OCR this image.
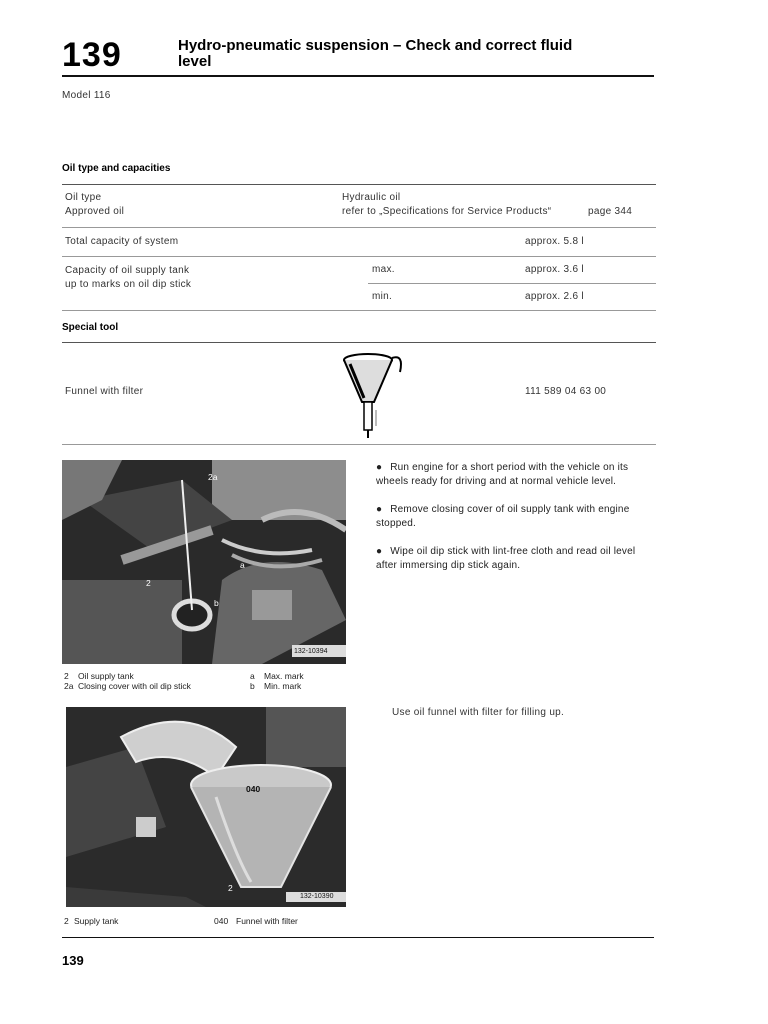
139	Hydro-pneumatic suspension – Check and correct fluid
level
Model 116
Oil type and capacities
Oil type	Hydraulic oil
Approved oil	refer to „Specifications for Service Products“	page 344
Total capacity of system	approx. 5.8 l
Capacity of oil supply tank
up to marks on oil dip stick
max.	approx. 3.6 l
min.	approx. 2.6 l
Special tool
Funnel with filter	111 589 04 63 00
2a
a
b
2
132-10394
2 Oil supply tank
2a Closing cover with oil dip stick
a Max. mark
b Min. mark

● Run engine for a short period with the vehicle on its wheels ready for driving and at normal vehicle level.

● Remove closing cover of oil supply tank with engine stopped.

● Wipe oil dip stick with lint-free cloth and read oil level after immersing dip stick again.

Use oil funnel with filter for filling up.
040
2
132-10390
2 Supply tank	040 Funnel with filter
139
